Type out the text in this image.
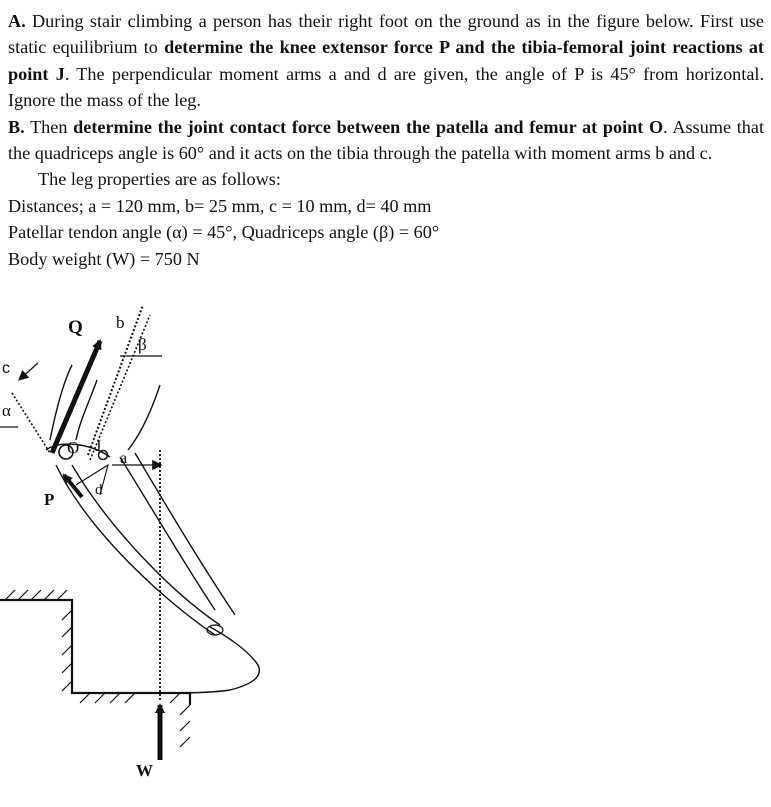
A. During stair climbing a person has their right foot on the ground as in the figure below. First use static equilibrium to determine the knee extensor force P and the tibia-femoral joint reactions at point J. The perpendicular moment arms a and d are given, the angle of P is 45° from horizontal. Ignore the mass of the leg.

B. Then determine the joint contact force between the patella and femur at point O. Assume that the quadriceps angle is 60° and it acts on the tibia through the patella with moment arms b and c.

The leg properties are as follows:

Distances; a = 120 mm, b= 25 mm, c = 10 mm, d= 40 mm

Patellar tendon angle (α) = 45°, Quadriceps angle (β) = 60°

Body weight (W) = 750 N

Q b
β
c
α
O J
a
P	d
W
